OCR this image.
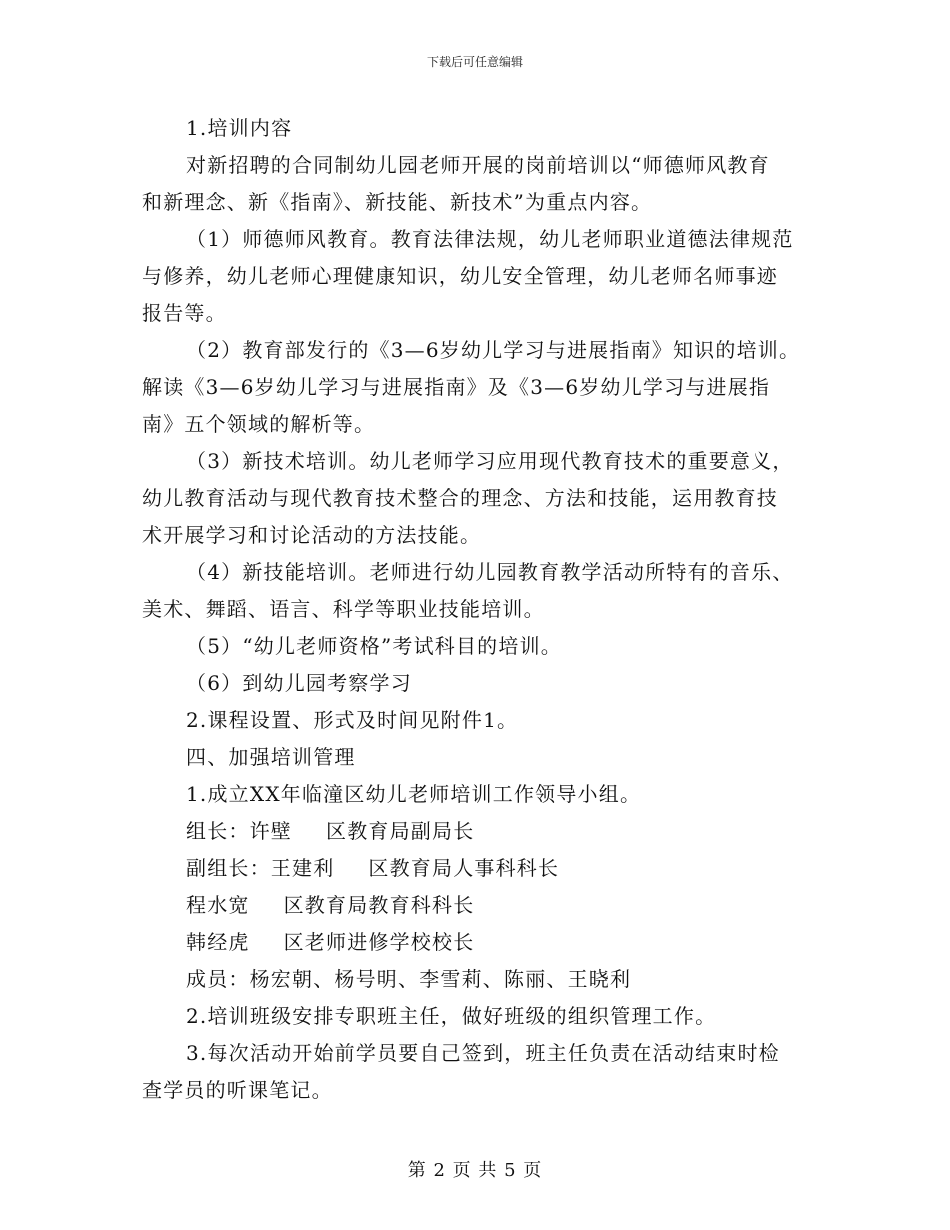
下载后可任意编辑
1.培训内容
对新招聘的合同制幼儿园老师开展的岗前培训以“师德师风教育
和新理念、新《指南》、新技能、新技术”为重点内容。
（1）师德师风教育。教育法律法规，幼儿老师职业道德法律规范
与修养，幼儿老师心理健康知识，幼儿安全管理，幼儿老师名师事迹
报告等。
（2）教育部发行的《3—6岁幼儿学习与进展指南》知识的培训。
解读《3—6岁幼儿学习与进展指南》及《3—6岁幼儿学习与进展指
南》五个领域的解析等。
（3）新技术培训。幼儿老师学习应用现代教育技术的重要意义，
幼儿教育活动与现代教育技术整合的理念、方法和技能，运用教育技
术开展学习和讨论活动的方法技能。
（4）新技能培训。老师进行幼儿园教育教学活动所特有的音乐、
美术、舞蹈、语言、科学等职业技能培训。
（5）“幼儿老师资格”考试科目的培训。
（6）到幼儿园考察学习
2.课程设置、形式及时间见附件1。
四、加强培训管理
1.成立XX年临潼区幼儿老师培训工作领导小组。
组长：许壁 区教育局副局长
副组长：王建利 区教育局人事科科长
程水宽 区教育局教育科科长
韩经虎 区老师进修学校校长
成员：杨宏朝、杨号明、李雪莉、陈丽、王晓利
2.培训班级安排专职班主任，做好班级的组织管理工作。
3.每次活动开始前学员要自己签到，班主任负责在活动结束时检
查学员的听课笔记。
第 2 页 共 5 页
